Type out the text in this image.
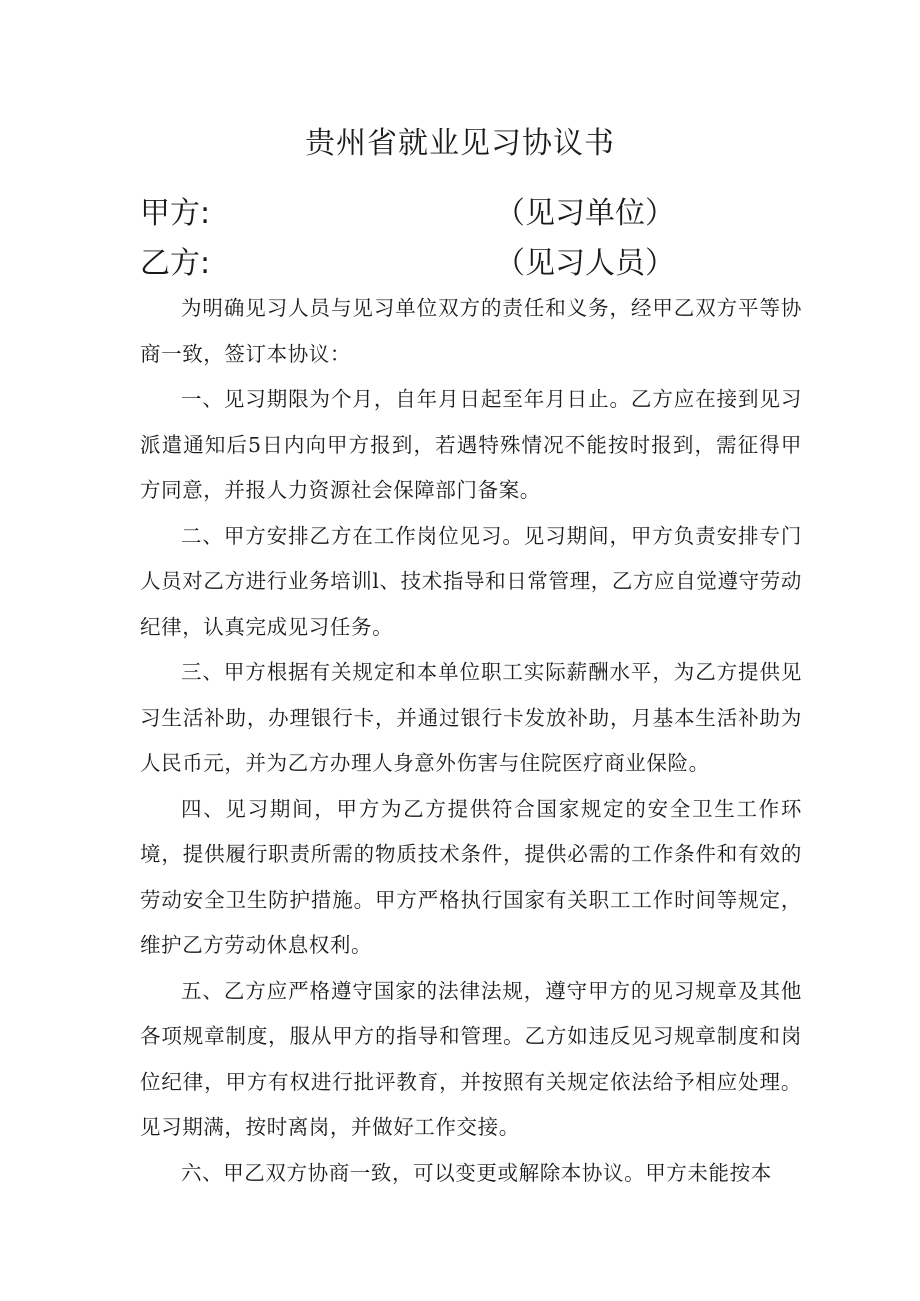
贵州省就业见习协议书
甲方:	（见习单位）
乙方:	（见习人员）

为明确见习人员与见习单位双方的责任和义务，经甲乙双方平等协商一致，签订本协议：

一、见习期限为个月，自年月日起至年月日止。乙方应在接到见习派遣通知后5日内向甲方报到，若遇特殊情况不能按时报到，需征得甲方同意，并报人力资源社会保障部门备案。

二、甲方安排乙方在工作岗位见习。见习期间，甲方负责安排专门人员对乙方进行业务培训l、技术指导和日常管理，乙方应自觉遵守劳动纪律，认真完成见习任务。

三、甲方根据有关规定和本单位职工实际薪酬水平，为乙方提供见习生活补助，办理银行卡，并通过银行卡发放补助，月基本生活补助为人民币元，并为乙方办理人身意外伤害与住院医疗商业保险。

四、见习期间，甲方为乙方提供符合国家规定的安全卫生工作环境，提供履行职责所需的物质技术条件，提供必需的工作条件和有效的劳动安全卫生防护措施。甲方严格执行国家有关职工工作时间等规定，维护乙方劳动休息权利。

五、乙方应严格遵守国家的法律法规，遵守甲方的见习规章及其他各项规章制度，服从甲方的指导和管理。乙方如违反见习规章制度和岗位纪律，甲方有权进行批评教育，并按照有关规定依法给予相应处理。见习期满，按时离岗，并做好工作交接。

六、甲乙双方协商一致，可以变更或解除本协议。甲方未能按本
